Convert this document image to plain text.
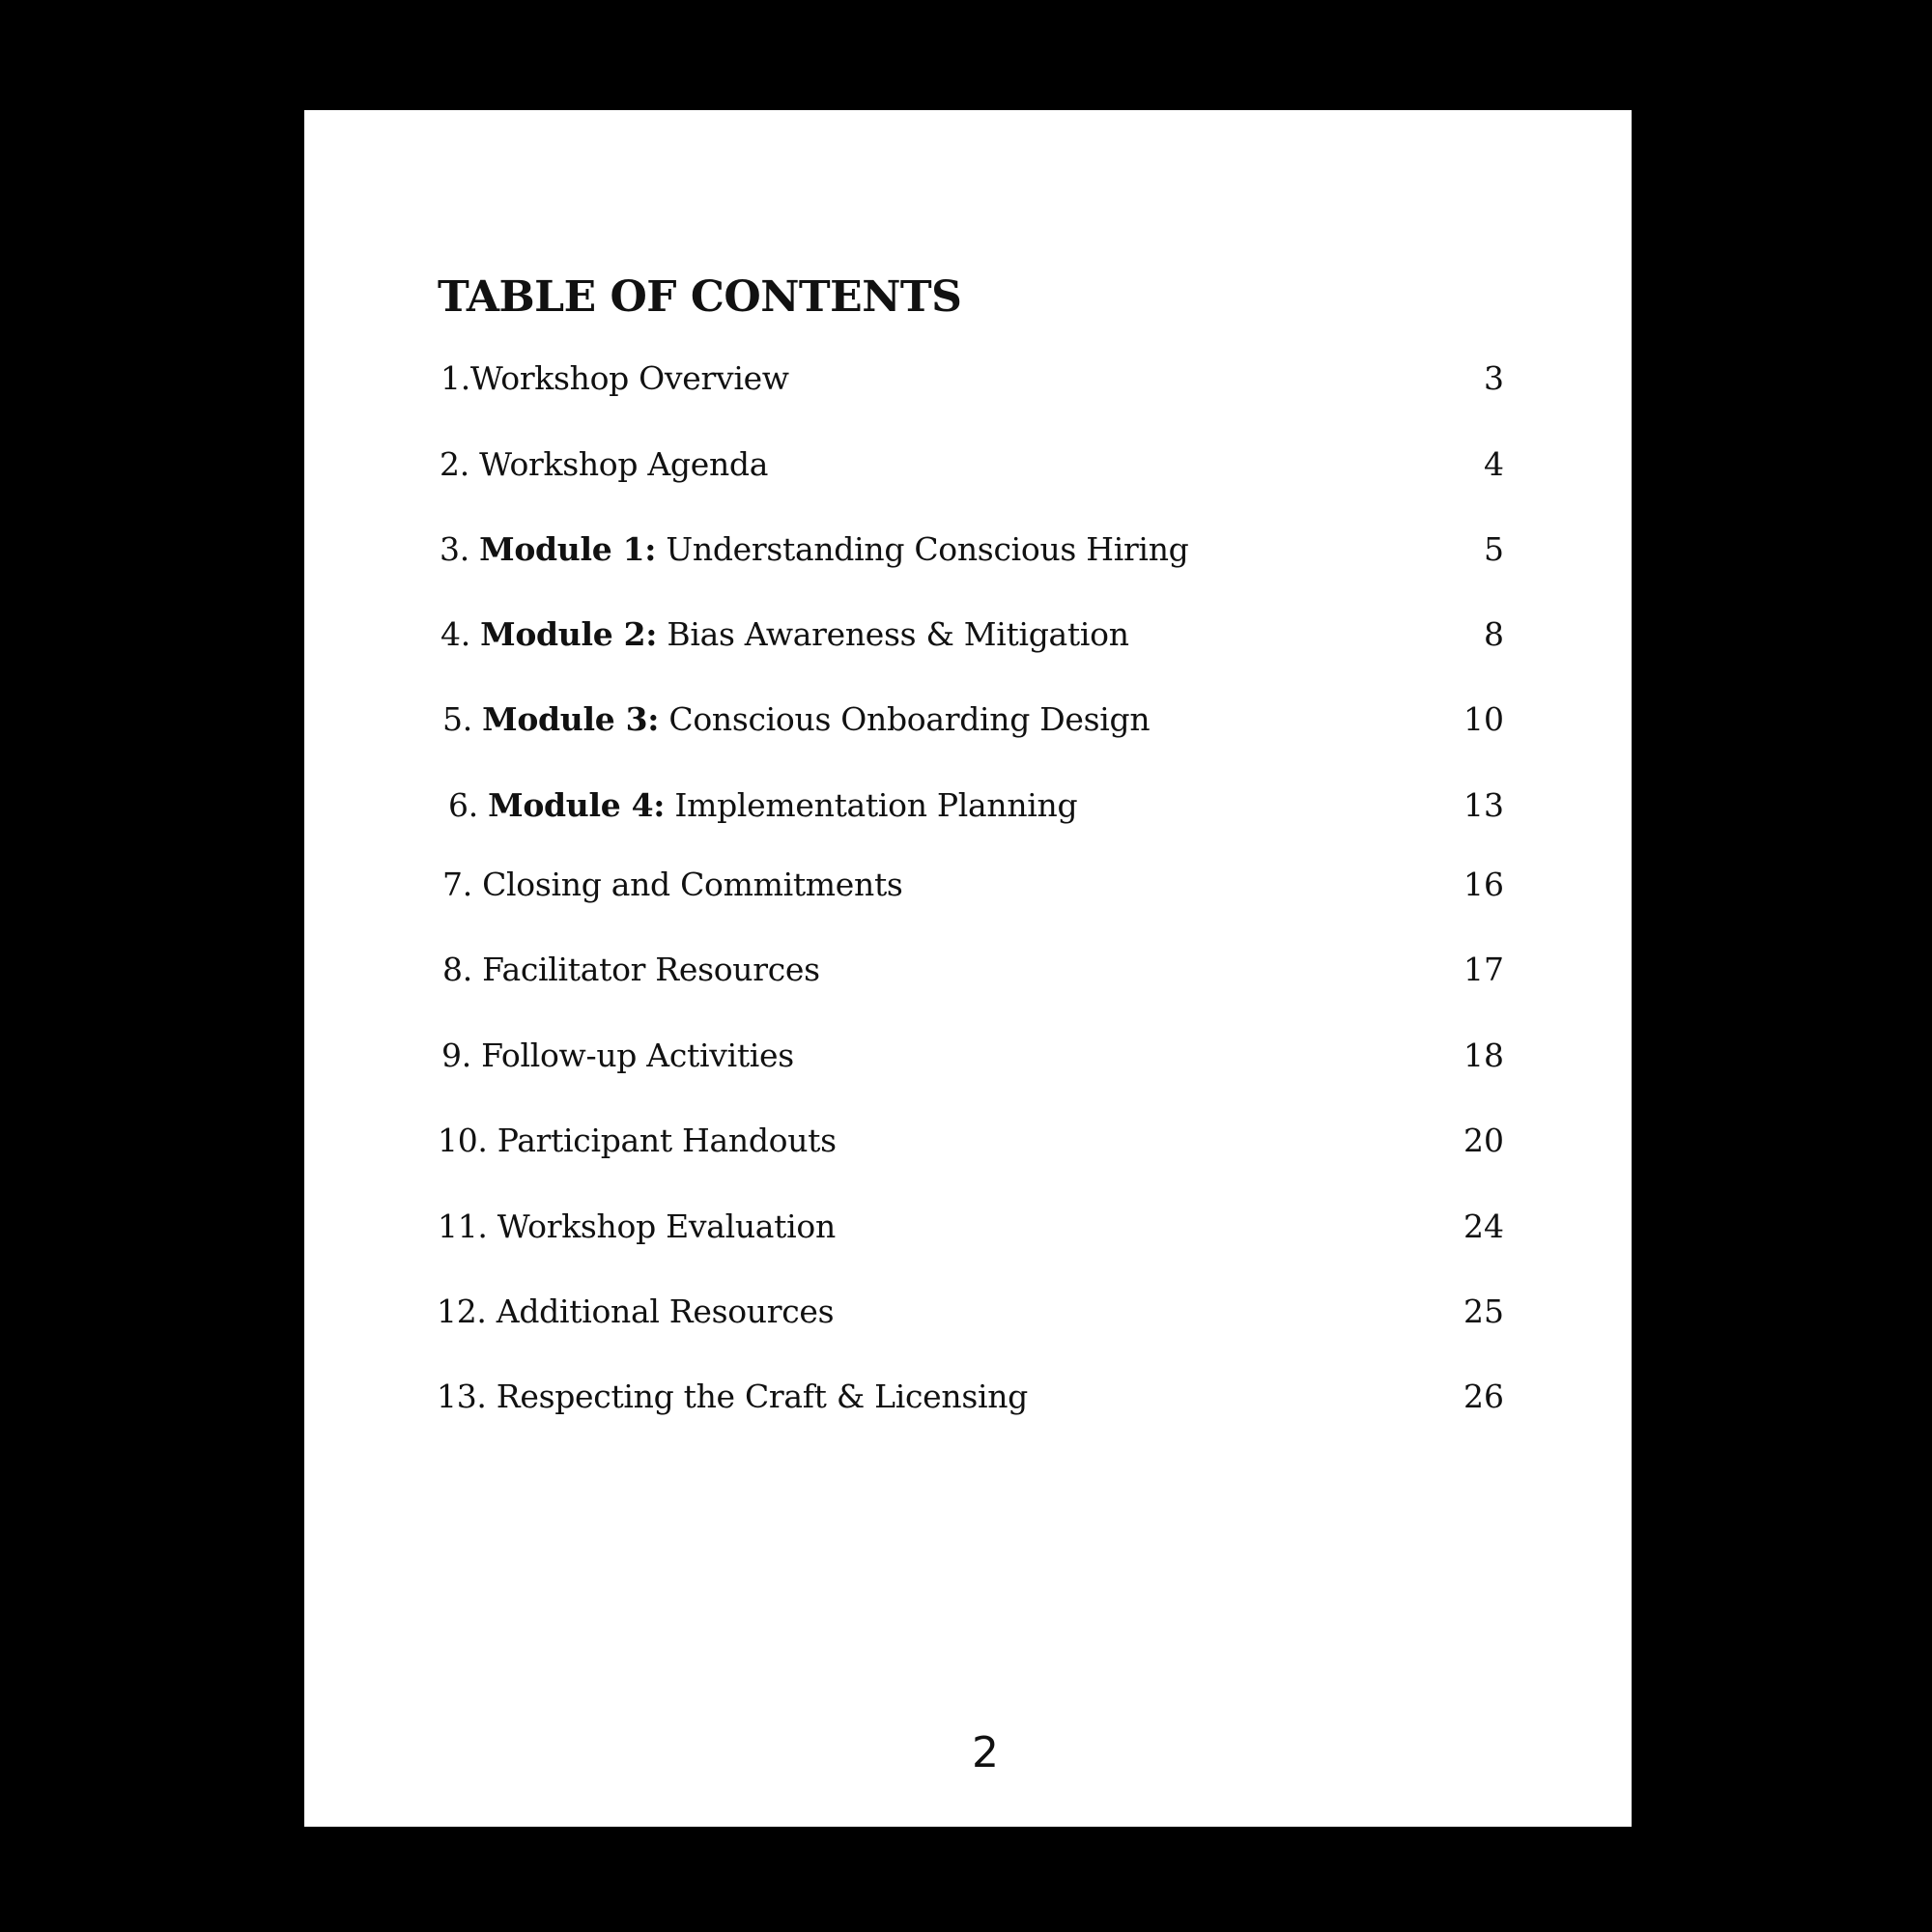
TABLE OF CONTENTS
1.Workshop Overview	3
2. Workshop Agenda	4
3. Module 1: Understanding Conscious Hiring	5
4. Module 2: Bias Awareness & Mitigation	8
5. Module 3: Conscious Onboarding Design	10
6. Module 4: Implementation Planning	13
7. Closing and Commitments	16
8. Facilitator Resources	17
9. Follow-up Activities	18
10. Participant Handouts	20
11. Workshop Evaluation	24
12. Additional Resources	25
13. Respecting the Craft & Licensing	26
2
